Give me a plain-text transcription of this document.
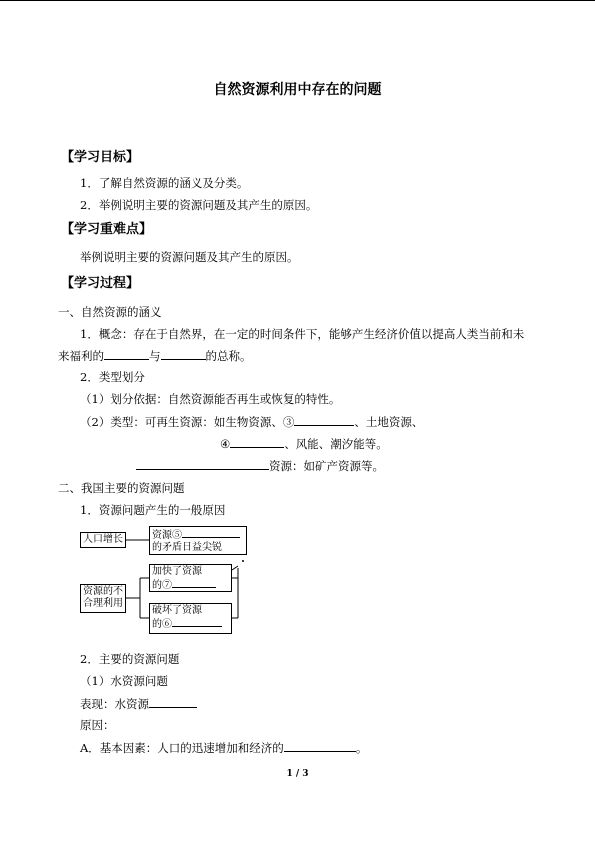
自然资源利用中存在的问题
【学习目标】
1．了解自然资源的涵义及分类。
2．举例说明主要的资源问题及其产生的原因。
【学习重难点】
举例说明主要的资源问题及其产生的原因。
【学习过程】
一、自然资源的涵义
1．概念：存在于自然界，在一定的时间条件下，能够产生经济价值以提高人类当前和未
来福利的	与	的总称。
2．类型划分
（1）划分依据：自然资源能否再生或恢复的特性。
（2）类型：可再生资源：如生物资源、③	、土地资源、
④	、风能、潮汐能等。
资源：如矿产资源等。
二、我国主要的资源问题
1．资源问题产生的一般原因
人口增长	资源⑤
的矛盾日益尖锐
资源的不
合理利用
加快了资源
的⑦
破坏了资源
的⑥
2．主要的资源问题
（1）水资源问题
表现：水资源
原因：
A．基本因素：人口的迅速增加和经济的	。
1 / 3
